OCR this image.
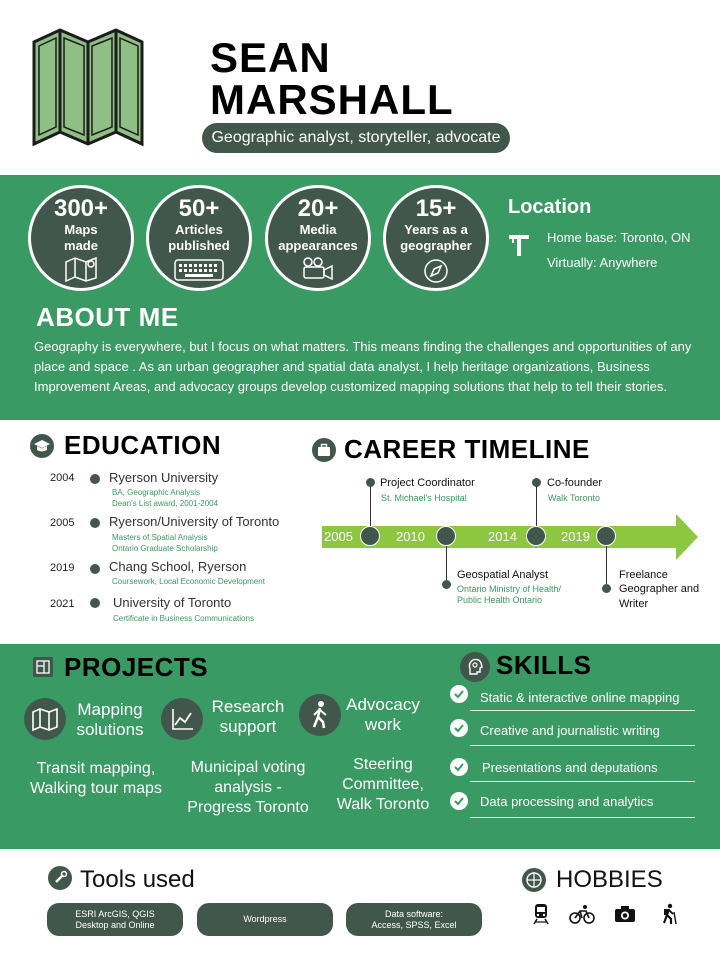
SEAN
MARSHALL
Geographic analyst, storyteller, advocate
300+
Maps
made
50+
Articles
published
20+
Media
appearances
15+
Years as a
geographer
Location
Home base: Toronto, ON
Virtually: Anywhere
ABOUT ME
Geography is everywhere, but I focus on what matters. This means finding the challenges and opportunities of any place and space . As an urban geographer and spatial data analyst, I help heritage organizations, Business Improvement Areas, and advocacy groups develop customized mapping solutions that help to tell their stories.
EDUCATION
2004	Ryerson University
BA, Geographic Analysis
Dean's List award, 2001-2004
2005	Ryerson/University of Toronto
Masters of Spatial Analysis
Ontario Graduate Scholarship
2019	Chang School, Ryerson
Coursework, Local Economic Development
2021	University of Toronto
Certificate in Business Communications
CAREER TIMELINE
Project Coordinator
St. Michael's Hospital
Co-founder
Walk Toronto
Geospatial Analyst
Ontario Ministry of Health/
Public Health Ontario
Freelance
Geographer and
Writer
2005	2010	2014	2019
PROJECTS
Mapping
solutions
Transit mapping,
Walking tour maps
Research
support
Municipal voting
analysis -
Progress Toronto
Advocacy
work
Steering
Committee,
Walk Toronto
SKILLS
Static & interactive online mapping
Creative and journalistic writing
Presentations and deputations
Data processing and analytics
Tools used
ESRI ArcGIS, QGIS
Desktop and Online
Wordpress
Data software:
Access, SPSS, Excel
HOBBIES
